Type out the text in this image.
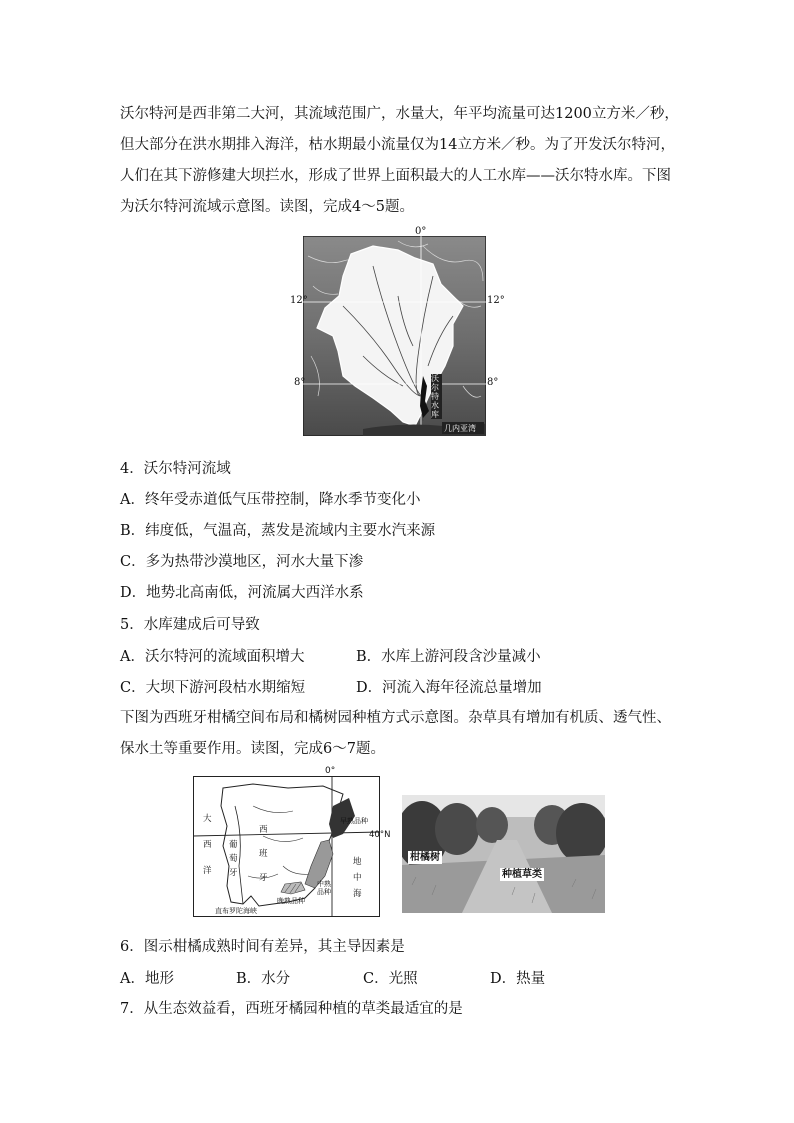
沃尔特河是西非第二大河，其流域范围广，水量大，年平均流量可达1200立方米／秒，但大部分在洪水期排入海洋，枯水期最小流量仅为14立方米／秒。为了开发沃尔特河，人们在其下游修建大坝拦水，形成了世界上面积最大的人工水库——沃尔特水库。下图为沃尔特河流域示意图。读图，完成4～5题。
几内亚湾
0°
12°	12°
8°	8°
沃尔特水库
4．沃尔特河流域
A．终年受赤道低气压带控制，降水季节变化小
B．纬度低，气温高，蒸发是流域内主要水汽来源
C．多为热带沙漠地区，河水大量下渗
D．地势北高南低，河流属大西洋水系
5．水库建成后可导致
A．沃尔特河的流域面积增大	B．水库上游河段含沙量减小
C．大坝下游河段枯水期缩短	D．河流入海年径流总量增加
下图为西班牙柑橘空间布局和橘树园种植方式示意图。杂草具有增加有机质、透气性、保水土等重要作用。读图，完成6～7题。
0°
40°N
大西洋
葡萄牙
西班牙
地中海
早熟品种
中熟品种
晚熟品种
直布罗陀海峡
柑橘树
种植草类
6．图示柑橘成熟时间有差异，其主导因素是
A．地形	B．水分	C．光照	D．热量
7．从生态效益看，西班牙橘园种植的草类最适宜的是
